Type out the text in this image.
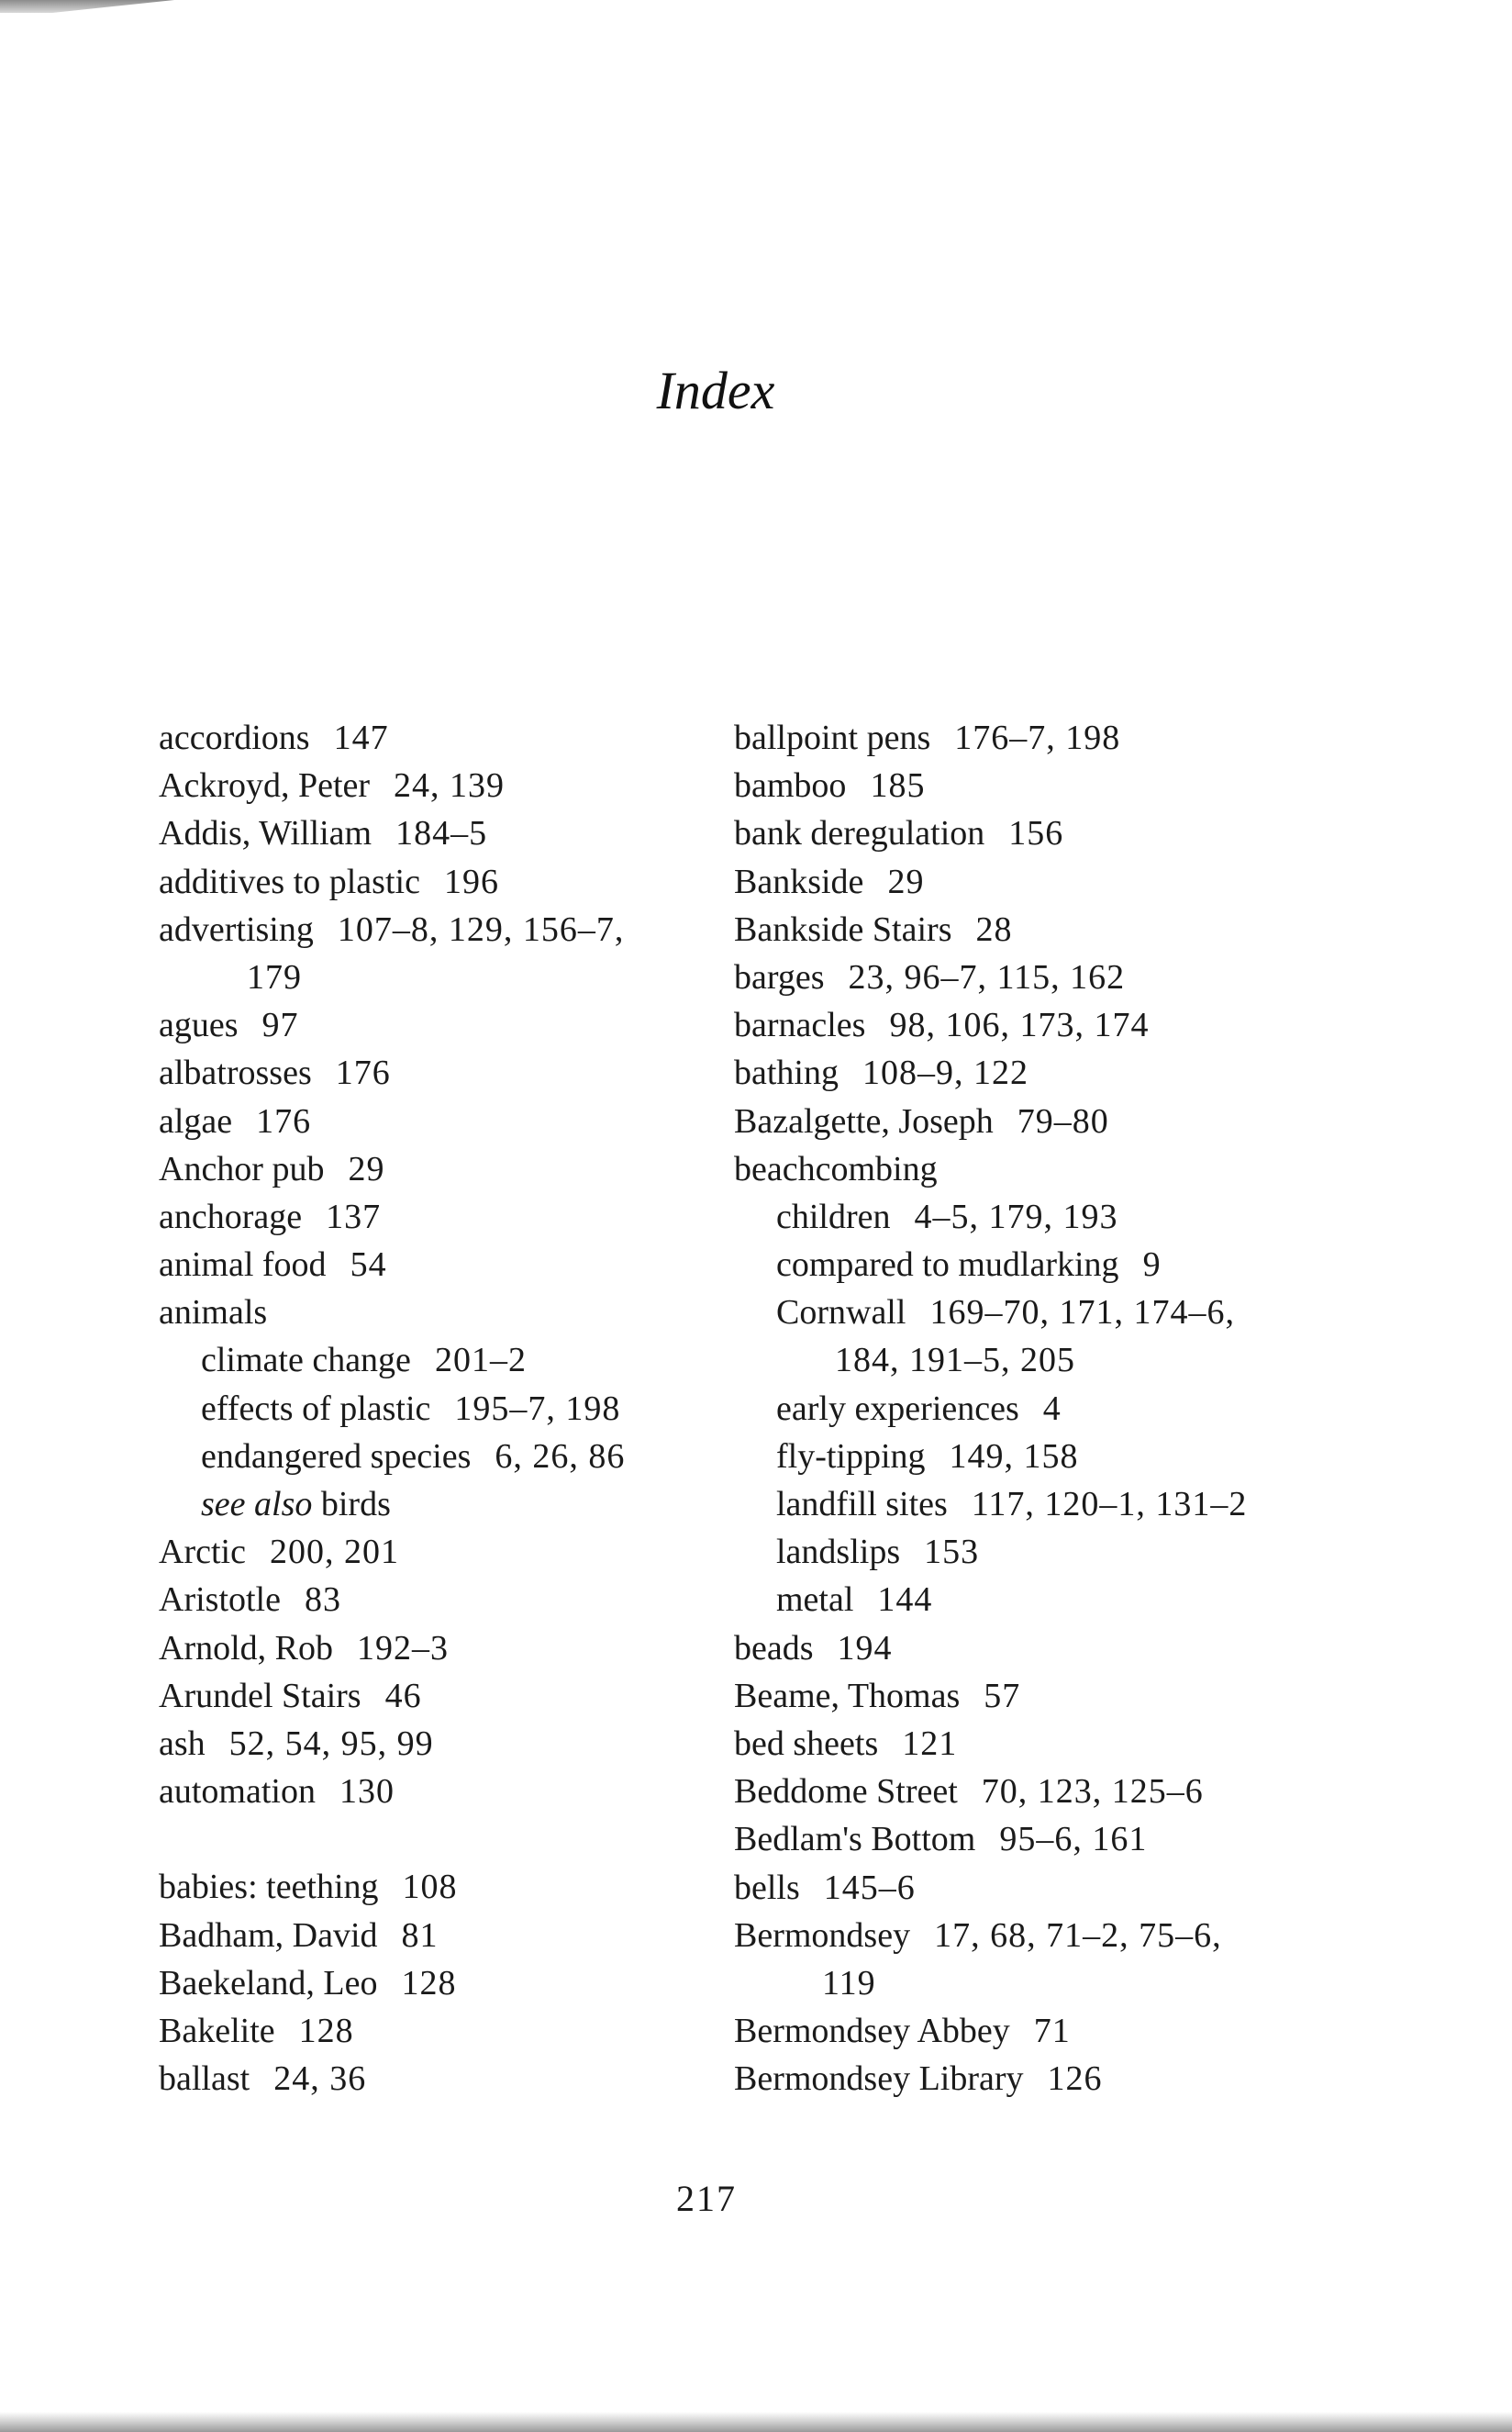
Index
accordions 147
Ackroyd, Peter 24, 139
Addis, William 184–5
additives to plastic 196
advertising 107–8, 129, 156–7,
179
agues 97
albatrosses 176
algae 176
Anchor pub 29
anchorage 137
animal food 54
animals
climate change 201–2
effects of plastic 195–7, 198
endangered species 6, 26, 86
see also birds
Arctic 200, 201
Aristotle 83
Arnold, Rob 192–3
Arundel Stairs 46
ash 52, 54, 95, 99
automation 130
babies: teething 108
Badham, David 81
Baekeland, Leo 128
Bakelite 128
ballast 24, 36
ballpoint pens 176–7, 198
bamboo 185
bank deregulation 156
Bankside 29
Bankside Stairs 28
barges 23, 96–7, 115, 162
barnacles 98, 106, 173, 174
bathing 108–9, 122
Bazalgette, Joseph 79–80
beachcombing
children 4–5, 179, 193
compared to mudlarking 9
Cornwall 169–70, 171, 174–6,
184, 191–5, 205
early experiences 4
fly-tipping 149, 158
landfill sites 117, 120–1, 131–2
landslips 153
metal 144
beads 194
Beame, Thomas 57
bed sheets 121
Beddome Street 70, 123, 125–6
Bedlam's Bottom 95–6, 161
bells 145–6
Bermondsey 17, 68, 71–2, 75–6,
119
Bermondsey Abbey 71
Bermondsey Library 126
217
